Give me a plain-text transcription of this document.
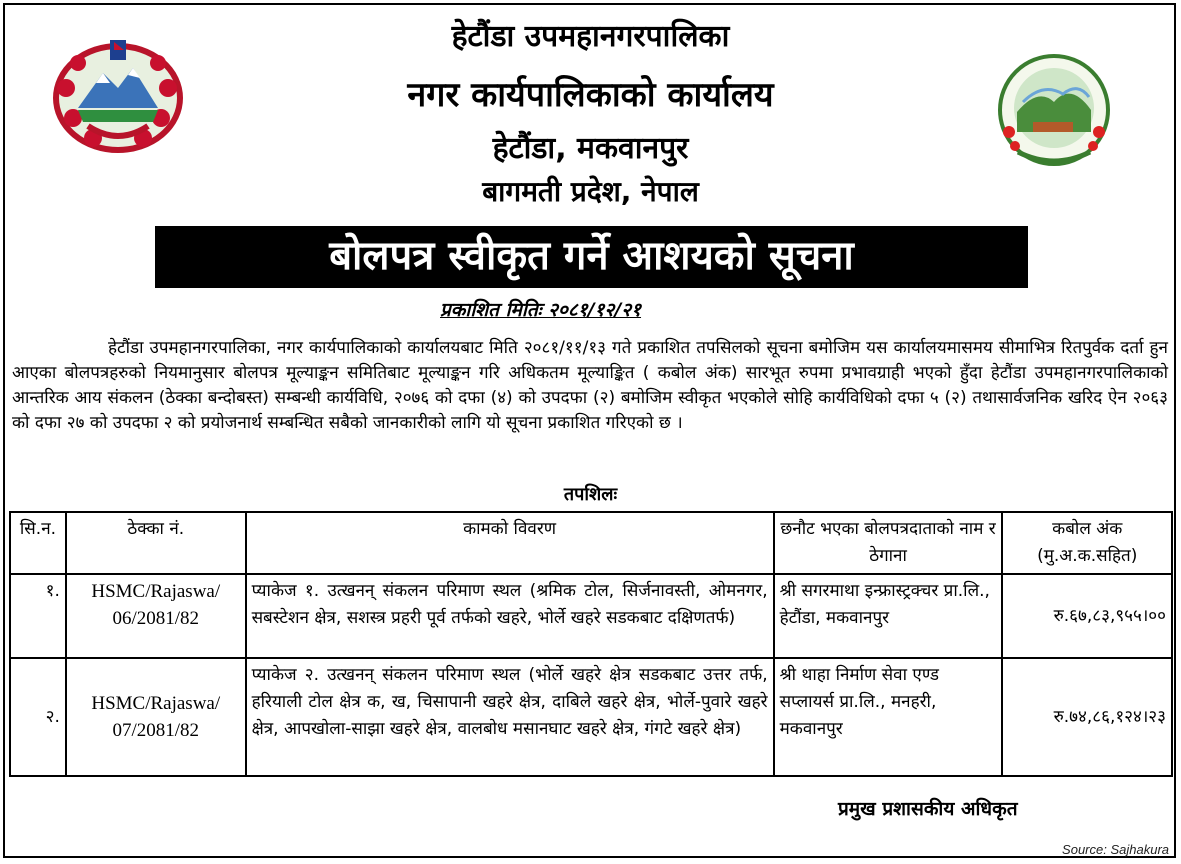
हेटौंडा उपमहानगरपालिका
नगर कार्यपालिकाको कार्यालय
हेटौंडा, मकवानपुर
बागमती प्रदेश, नेपाल
बोलपत्र स्वीकृत गर्ने आशयको सूचना
प्रकाशित मितिः २०८१/१२/२१

हेटौंडा उपमहानगरपालिका, नगर कार्यपालिकाको कार्यालयबाट मिति २०८१/११/१३ गते प्रकाशित तपसिलको सूचना बमोजिम यस कार्यालयमासमय सीमाभित्र रितपुर्वक दर्ता हुन आएका बोलपत्रहरुको नियमानुसार बोलपत्र मूल्याङ्कन समितिबाट मूल्याङ्कन गरि अधिकतम मूल्याङ्कित ( कबोल अंक) सारभूत रुपमा प्रभावग्राही भएको हुँदा हेटौंडा उपमहानगरपालिकाको आन्तरिक आय संकलन (ठेक्का बन्दोबस्त) सम्बन्धी कार्यविधि, २०७६ को दफा (४) को उपदफा (२) बमोजिम स्वीकृत भएकोले सोहि कार्यविधिको दफा ५ (२) तथासार्वजनिक खरिद ऐन २०६३ को दफा २७ को उपदफा २ को प्रयोजनार्थ सम्बन्धित सबैको जानकारीको लागि यो सूचना प्रकाशित गरिएको छ ।

तपशिलः
सि.न.	ठेक्का नं.	कामको विवरण	छनौट भएका बोलपत्रदाताको नाम र ठेगाना	कबोल अंक (मु.अ.क.सहित)
१.	HSMC/Rajaswa/ 06/2081/82	प्याकेज १. उत्खनन् संकलन परिमाण स्थल (श्रमिक टोल, सिर्जनावस्ती, ओमनगर, सबस्टेशन क्षेत्र, सशस्त्र प्रहरी पूर्व तर्फको खहरे, भोर्ले खहरे सडकबाट दक्षिणतर्फ)	श्री सगरमाथा इन्फ्रास्ट्रक्चर प्रा.लि., हेटौंडा, मकवानपुर	रु.६७,८३,९५५।००
२.	HSMC/Rajaswa/ 07/2081/82	प्याकेज २. उत्खनन् संकलन परिमाण स्थल (भोर्ले खहरे क्षेत्र सडकबाट उत्तर तर्फ, हरियाली टोल क्षेत्र क, ख, चिसापानी खहरे क्षेत्र, दाबिले खहरे क्षेत्र, भोर्ले-पुवारे खहरे क्षेत्र, आपखोला-साझा खहरे क्षेत्र, वालबोध मसानघाट खहरे क्षेत्र, गंगटे खहरे क्षेत्र)	श्री थाहा निर्माण सेवा एण्ड सप्लायर्स प्रा.लि., मनहरी, मकवानपुर	रु.७४,८६,१२४।२३
प्रमुख प्रशासकीय अधिकृत
Source: Sajhakura
